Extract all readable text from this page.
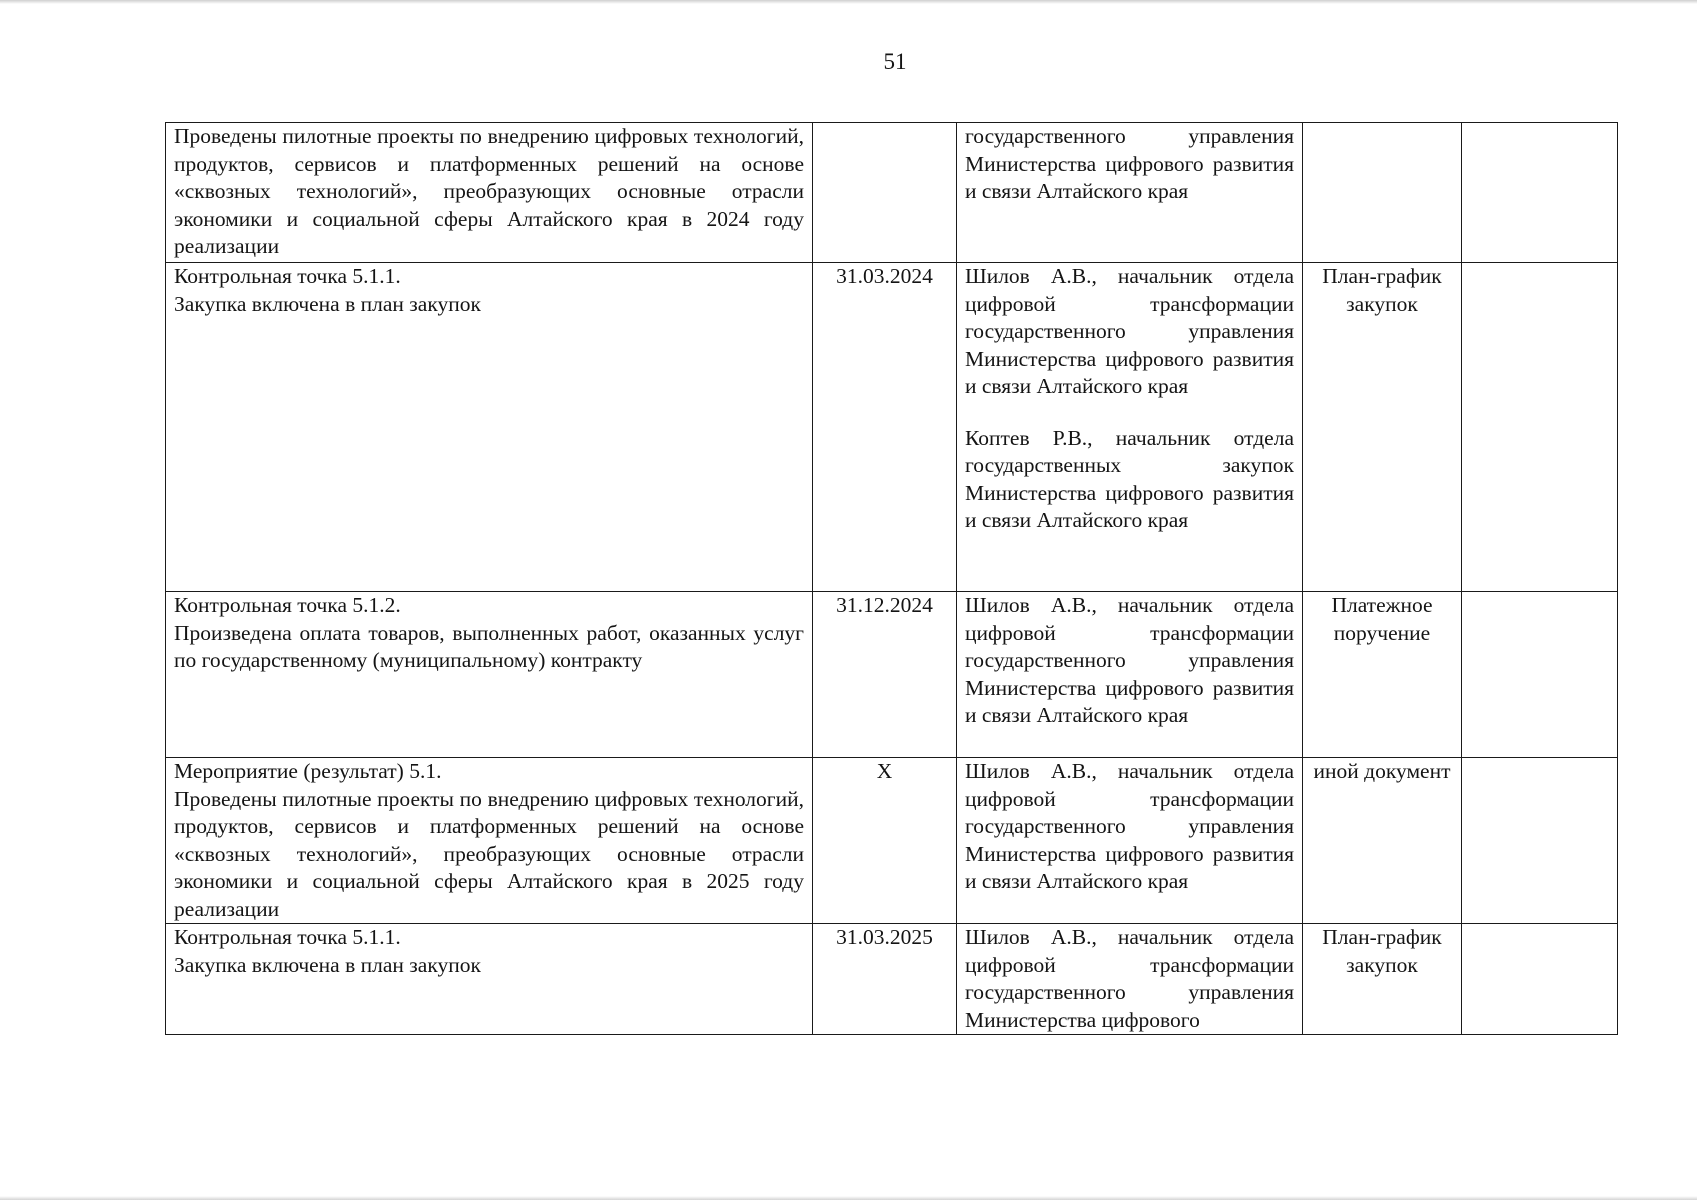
51
Проведены пилотные проекты по внедрению цифровых технологий, продуктов, сервисов и платформенных решений на основе «сквозных технологий», преобразующих основные отрасли экономики и социальной сферы Алтайского края в 2024 году реализации		государственного управления Министерства цифрового развития и связи Алтайского края		

Контрольная точка 5.1.1.
Закупка включена в план закупок	31.03.2024	Шилов А.В., начальник отдела цифровой трансформации государственного управления Министерства цифрового развития и связи Алтайского края
Коптев Р.В., начальник отдела государственных закупок Министерства цифрового развития и связи Алтайского края	План-график закупок	

Контрольная точка 5.1.2.
Произведена оплата товаров, выполненных работ, оказанных услуг по государственному (муниципальному) контракту	31.12.2024	Шилов А.В., начальник отдела цифровой трансформации государственного управления Министерства цифрового развития и связи Алтайского края	Платежное поручение	

Мероприятие (результат) 5.1.
Проведены пилотные проекты по внедрению цифровых технологий, продуктов, сервисов и платформенных решений на основе «сквозных технологий», преобразующих основные отрасли экономики и социальной сферы Алтайского края в 2025 году реализации	X	Шилов А.В., начальник отдела цифровой трансформации государственного управления Министерства цифрового развития и связи Алтайского края	иной документ	

Контрольная точка 5.1.1.
Закупка включена в план закупок	31.03.2025	Шилов А.В., начальник отдела цифровой трансформации государственного управления Министерства цифрового	План-график закупок	
